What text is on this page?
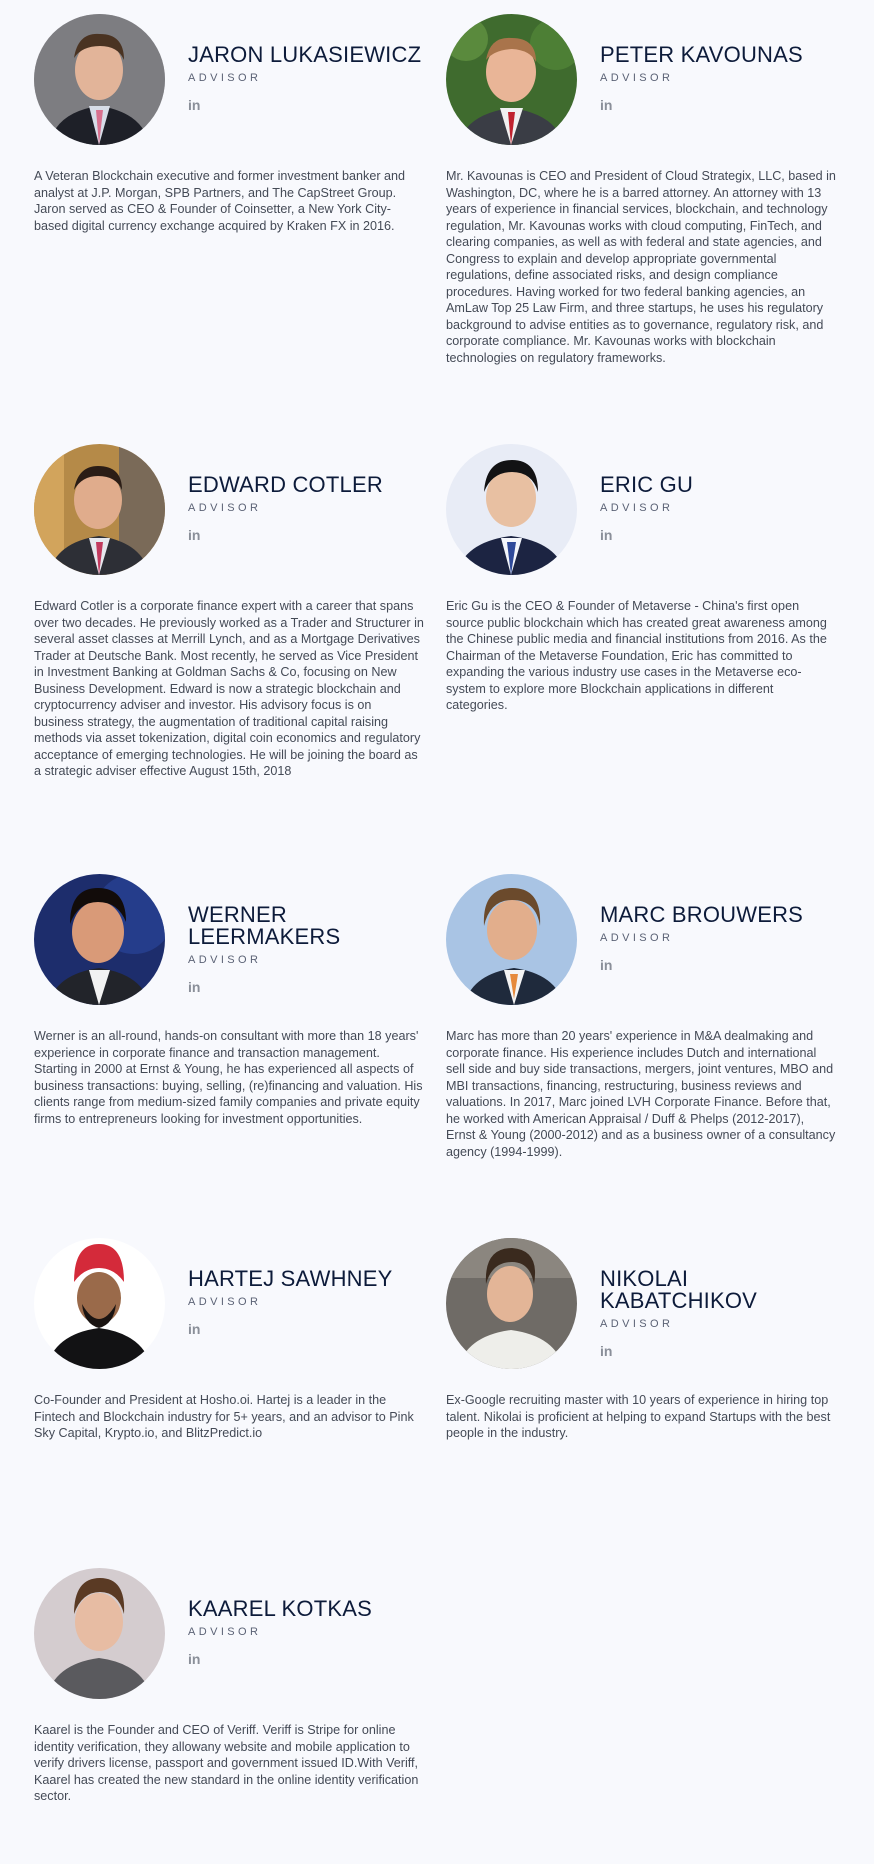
JARON LUKASIEWICZ
ADVISOR
in

A Veteran Blockchain executive and former investment banker and analyst at J.P. Morgan, SPB Partners, and The CapStreet Group. Jaron served as CEO & Founder of Coinsetter, a New York City-based digital currency exchange acquired by Kraken FX in 2016.

PETER KAVOUNAS
ADVISOR
in

Mr. Kavounas is CEO and President of Cloud Strategix, LLC, based in Washington, DC, where he is a barred attorney. An attorney with 13 years of experience in financial services, blockchain, and technology regulation, Mr. Kavounas works with cloud computing, FinTech, and clearing companies, as well as with federal and state agencies, and Congress to explain and develop appropriate governmental regulations, define associated risks, and design compliance procedures. Having worked for two federal banking agencies, an AmLaw Top 25 Law Firm, and three startups, he uses his regulatory background to advise entities as to governance, regulatory risk, and corporate compliance. Mr. Kavounas works with blockchain technologies on regulatory frameworks.

EDWARD COTLER
ADVISOR
in

Edward Cotler is a corporate finance expert with a career that spans over two decades. He previously worked as a Trader and Structurer in several asset classes at Merrill Lynch, and as a Mortgage Derivatives Trader at Deutsche Bank. Most recently, he served as Vice President in Investment Banking at Goldman Sachs & Co, focusing on New Business Development. Edward is now a strategic blockchain and cryptocurrency adviser and investor. His advisory focus is on business strategy, the augmentation of traditional capital raising methods via asset tokenization, digital coin economics and regulatory acceptance of emerging technologies. He will be joining the board as a strategic adviser effective August 15th, 2018

ERIC GU
ADVISOR
in

Eric Gu is the CEO & Founder of Metaverse - China's first open source public blockchain which has created great awareness among the Chinese public media and financial institutions from 2016. As the Chairman of the Metaverse Foundation, Eric has committed to expanding the various industry use cases in the Metaverse eco-system to explore more Blockchain applications in different categories.

WERNER LEERMAKERS
ADVISOR
in

Werner is an all-round, hands-on consultant with more than 18 years' experience in corporate finance and transaction management. Starting in 2000 at Ernst & Young, he has experienced all aspects of business transactions: buying, selling, (re)financing and valuation. His clients range from medium-sized family companies and private equity firms to entrepreneurs looking for investment opportunities.

MARC BROUWERS
ADVISOR
in

Marc has more than 20 years' experience in M&A dealmaking and corporate finance. His experience includes Dutch and international sell side and buy side transactions, mergers, joint ventures, MBO and MBI transactions, financing, restructuring, business reviews and valuations. In 2017, Marc joined LVH Corporate Finance. Before that, he worked with American Appraisal / Duff & Phelps (2012-2017), Ernst & Young (2000-2012) and as a business owner of a consultancy agency (1994-1999).

HARTEJ SAWHNEY
ADVISOR
in

Co-Founder and President at Hosho.oi. Hartej is a leader in the Fintech and Blockchain industry for 5+ years, and an advisor to Pink Sky Capital, Krypto.io, and BlitzPredict.io

NIKOLAI KABATCHIKOV
ADVISOR
in

Ex-Google recruiting master with 10 years of experience in hiring top talent. Nikolai is proficient at helping to expand Startups with the best people in the industry.

KAAREL KOTKAS
ADVISOR
in

Kaarel is the Founder and CEO of Veriff. Veriff is Stripe for online identity verification, they allowany website and mobile application to verify drivers license, passport and government issued ID.With Veriff, Kaarel has created the new standard in the online identity verification sector.
